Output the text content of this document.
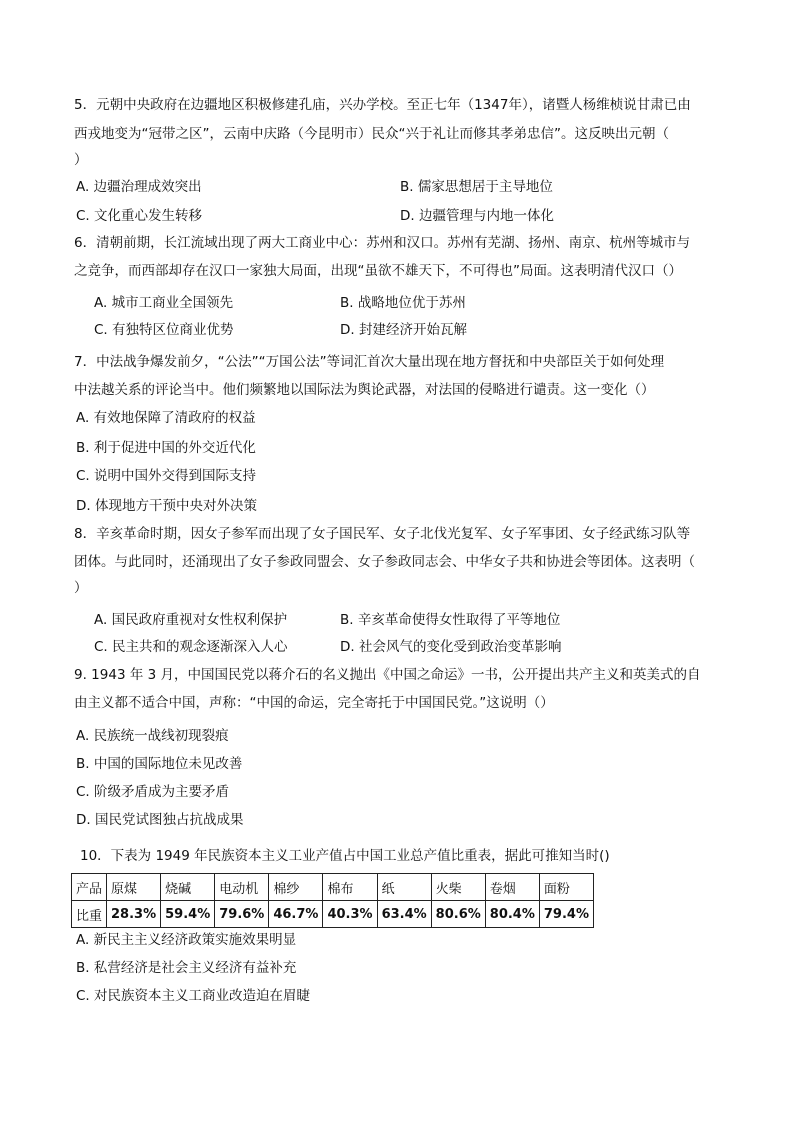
5．元朝中央政府在边疆地区积极修建孔庙，兴办学校。至正七年（1347年），诸暨人杨维桢说甘肃已由
西戎地变为“冠带之区”，云南中庆路（今昆明市）民众“兴于礼让而修其孝弟忠信”。这反映出元朝（
）
A. 边疆治理成效突出	B. 儒家思想居于主导地位
C. 文化重心发生转移	D. 边疆管理与内地一体化
6．清朝前期，长江流域出现了两大工商业中心：苏州和汉口。苏州有芜湖、扬州、南京、杭州等城市与
之竞争，而西部却存在汉口一家独大局面，出现“虽欲不雄天下，不可得也”局面。这表明清代汉口（）
A. 城市工商业全国领先	B. 战略地位优于苏州
C. 有独特区位商业优势	D. 封建经济开始瓦解
7．中法战争爆发前夕，“公法”“万国公法”等词汇首次大量出现在地方督抚和中央部臣关于如何处理
中法越关系的评论当中。他们频繁地以国际法为舆论武器，对法国的侵略进行谴责。这一变化（）
A. 有效地保障了清政府的权益
B. 利于促进中国的外交近代化
C. 说明中国外交得到国际支持
D. 体现地方干预中央对外决策
8．辛亥革命时期，因女子参军而出现了女子国民军、女子北伐光复军、女子军事团、女子经武练习队等
团体。与此同时，还涌现出了女子参政同盟会、女子参政同志会、中华女子共和协进会等团体。这表明（
）
A. 国民政府重视对女性权利保护	B. 辛亥革命使得女性取得了平等地位
C. 民主共和的观念逐渐深入人心	D. 社会风气的变化受到政治变革影响
9. 1943 年 3 月，中国国民党以蒋介石的名义抛出《中国之命运》一书，公开提出共产主义和英美式的自
由主义都不适合中国，声称：“中国的命运，完全寄托于中国国民党。”这说明（）
A. 民族统一战线初现裂痕
B. 中国的国际地位未见改善
C. 阶级矛盾成为主要矛盾
D. 国民党试图独占抗战成果
10．下表为 1949 年民族资本主义工业产值占中国工业总产值比重表，据此可推知当时()
产品	原煤	烧碱	电动机	棉纱	棉布	纸	火柴	卷烟	面粉
比重	28.3%	59.4%	79.6%	46.7%	40.3%	63.4%	80.6%	80.4%	79.4%
A. 新民主主义经济政策实施效果明显
B. 私营经济是社会主义经济有益补充
C. 对民族资本主义工商业改造迫在眉睫
